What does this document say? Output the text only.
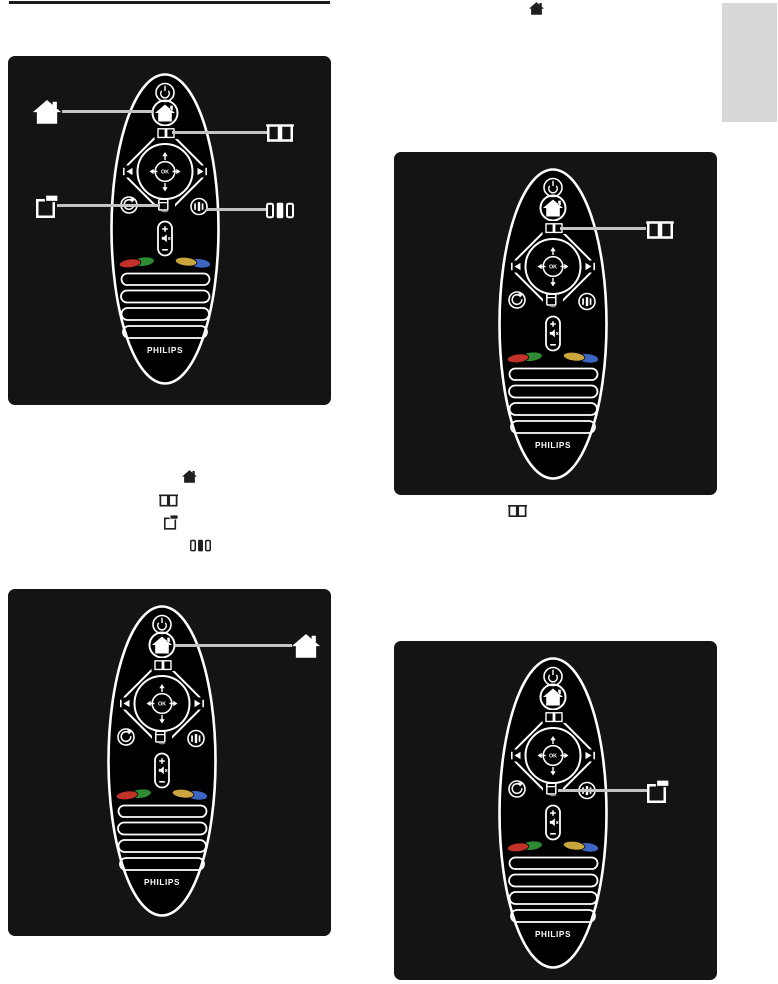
OK
PHILIPS
OK
PHILIPS
OK
PHILIPS
OK
PHILIPS
